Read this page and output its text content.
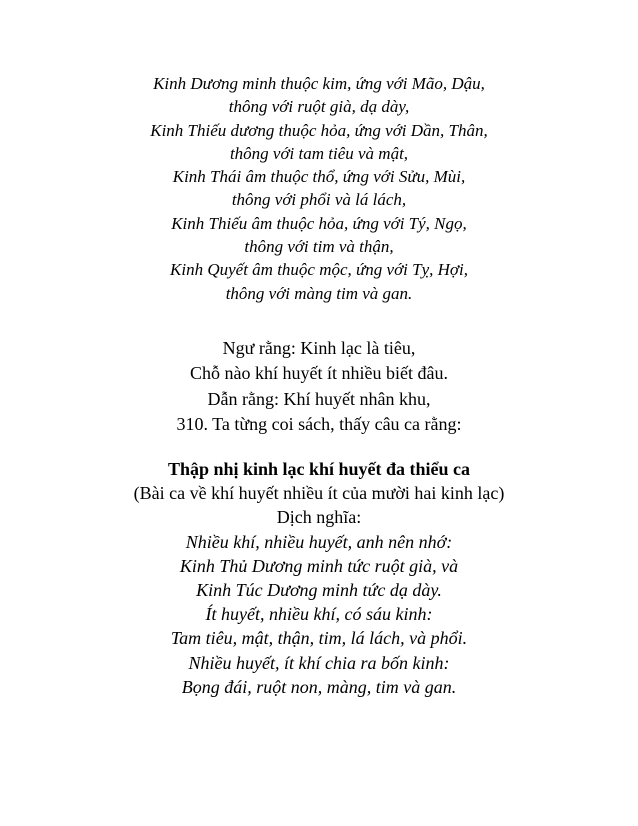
Kinh Dương minh thuộc kim, ứng với Mão, Dậu,
thông với ruột già, dạ dày,
Kinh Thiếu dương thuộc hỏa, ứng với Dần, Thân,
thông với tam tiêu và mật,
Kinh Thái âm thuộc thổ, ứng với Sửu, Mùi,
thông với phổi và lá lách,
Kinh Thiếu âm thuộc hỏa, ứng với Tý, Ngọ,
thông với tim và thận,
Kinh Quyết âm thuộc mộc, ứng với Tỵ, Hợi,
thông với màng tim và gan.
Ngư rằng: Kinh lạc là tiêu,
Chỗ nào khí huyết ít nhiều biết đâu.
Dẫn rằng: Khí huyết nhân khu,
310. Ta từng coi sách, thấy câu ca rằng:
Thập nhị kinh lạc khí huyết đa thiểu ca
(Bài ca về khí huyết nhiều ít của mười hai kinh lạc)
Dịch nghĩa:
Nhiều khí, nhiều huyết, anh nên nhớ:
Kinh Thủ Dương minh tức ruột già, và
Kinh Túc Dương minh tức dạ dày.
Ít huyết, nhiều khí, có sáu kinh:
Tam tiêu, mật, thận, tim, lá lách, và phổi.
Nhiều huyết, ít khí chia ra bốn kinh:
Bọng đái, ruột non, màng, tim và gan.
